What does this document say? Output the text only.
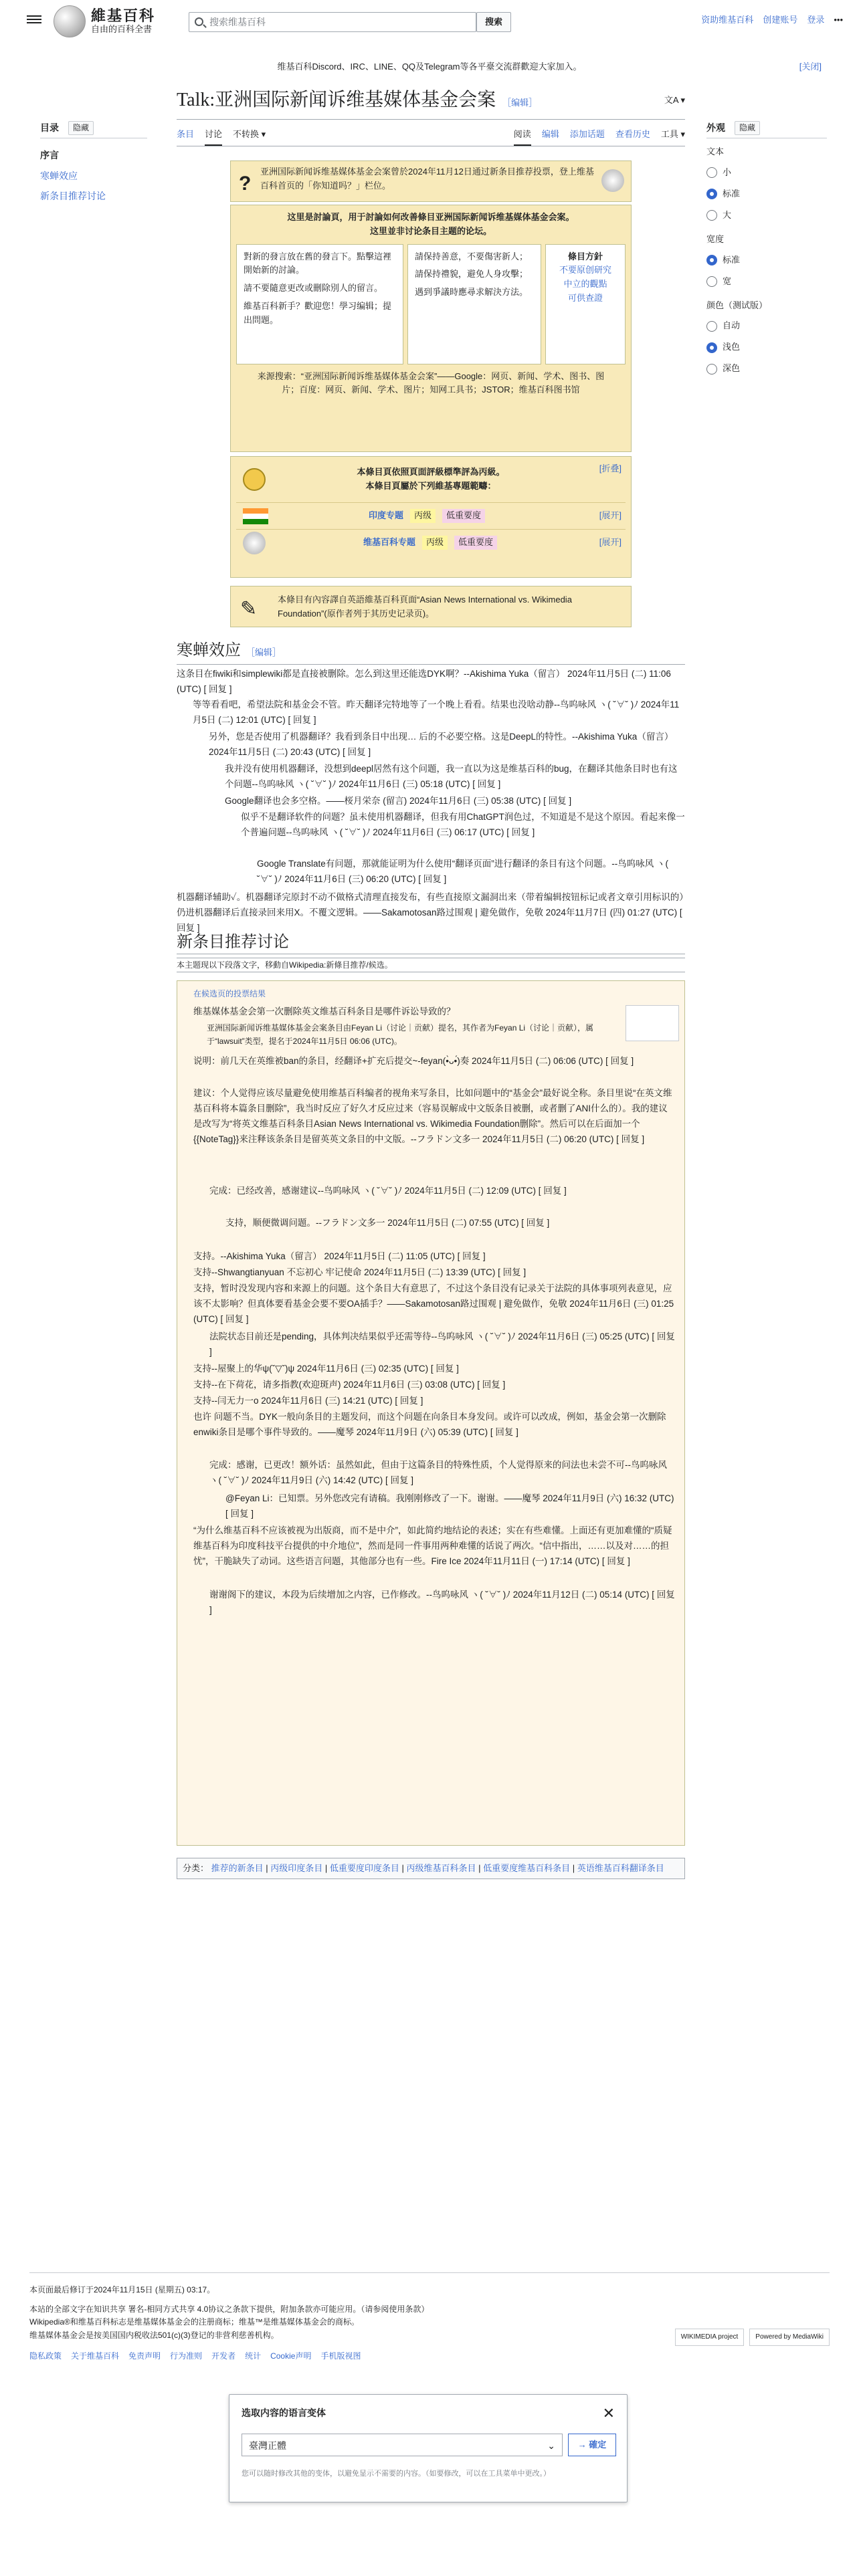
維基百科
自由的百科全書
搜索维基百科	搜索	资助维基百科 创建账号 登录 •••
维基百科Discord、IRC、LINE、QQ及Telegram等各平臺交流群歡迎大家加入。	[关闭]
目录	隐藏
序言
寒蝉效应
新条目推荐讨论
外观	隐藏
文本
小
标准
大
宽度
标准
宽
颜色（测试版）
自动
浅色
深色
Talk:亚洲国际新闻诉维基媒体基金会案 ［编辑］	文A ▾
条目 讨论 不转换 ▾	阅读 编辑 添加话题 查看历史 工具 ▾
?
亚洲国际新闻诉维基媒体基金会案曾於2024年11月12日通过新条目推荐投票，登上维基百科首页的「你知道吗？」栏位。
这里是討論頁，用于討論如何改善條目亚洲国际新闻诉维基媒体基金会案。
这里並非讨论条目主题的论坛。
對新的發言放在舊的發言下。點擊這裡開始新的討論。
請不要隨意更改或刪除別人的留言。
維基百科新手？歡迎您！學习编辑；提出問題。
請保持善意，不要傷害新人；
請保持禮貌，避免人身攻擊；
遇到爭議時應尋求解決方法。
條目方針
不要原创研究
中立的觀點
可供查證
来源搜索：“亚洲国际新闻诉维基媒体基金会案”——Google：网页、新闻、学术、图书、图片；百度：网页、新闻、学术、图片；知网工具书；JSTOR；维基百科图书馆
本條目頁依照頁面評級標準評為丙級。
本條目頁屬於下列維基專題範疇：
[折叠]
印度专题	丙级	低重要度	[展开]
维基百科专题	丙级	低重要度	[展开]
✎ 本條目有內容譯自英語維基百科頁面“Asian News International vs. Wikimedia Foundation”(原作者列于其历史记录页)。
寒蝉效应 ［编辑］
这条目在fiwiki和simplewiki都是直接被删除。怎么到这里还能选DYK啊？--Akishima Yuka（留言） 2024年11月5日 (二) 11:06 (UTC) [ 回复 ]
等等看看吧，希望法院和基金会不管。昨天翻译完特地等了一个晚上看看。结果也没啥动静--鸟呜咏风 ヽ( ˘∀˘ )ﾉ 2024年11月5日 (二) 12:01 (UTC) [ 回复 ]
另外，您是否使用了机器翻译？我看到条目中出现… 后的不必要空格。这是DeepL的特性。--Akishima Yuka（留言） 2024年11月5日 (二) 20:43 (UTC) [ 回复 ]
我并没有使用机器翻译，没想到deepl居然有这个问题，我一直以为这是维基百科的bug，在翻译其他条目时也有这个问题--鸟呜咏风 ヽ( ˘∀˘ )ﾉ 2024年11月6日 (三) 05:18 (UTC) [ 回复 ]
Google翻译也会多空格。——桜月栄奈 (留言) 2024年11月6日 (三) 05:38 (UTC) [ 回复 ]
似乎不是翻译软件的问题？虽未使用机器翻译，但我有用ChatGPT润色过，不知道是不是这个原因。看起来像一个普遍问题--鸟呜咏风 ヽ( ˘∀˘ )ﾉ 2024年11月6日 (三) 06:17 (UTC) [ 回复 ]
Google Translate有问题，那就能证明为什么使用“翻译页面”进行翻译的条目有这个问题。--鸟呜咏风 ヽ( ˘∀˘ )ﾉ 2024年11月6日 (三) 06:20 (UTC) [ 回复 ]
机器翻译辅助✓。机器翻译完原封不动不做格式清理直接发布，有些直接原文漏洞出来（带着编辑按钮标记或者文章引用标识的）仍进机器翻译后直接录回来用X。不覆文逻辑。——Sakamotosan路过围观 | 避免做作，免敬 2024年11月7日 (四) 01:27 (UTC) [ 回复 ]
新条目推荐讨论
本主题现以下段落文字，移動自Wikipedia:新條目推荐/候选。
在候选页的投票结果
维基媒体基金会第一次删除英文维基百科条目是哪件诉讼导致的？
亚洲国际新闻诉维基媒体基金会案条目由Feyan Li（讨论｜贡献）提名，其作者为Feyan Li（讨论｜贡献），属于“lawsuit”类型，提名于2024年11月5日 06:06 (UTC)。
说明：前几天在英维被ban的条目，经翻译+扩充后提交~-feyan(•̀ᴗ•́)奏 2024年11月5日 (二) 06:06 (UTC) [ 回复 ]
建议：个人觉得应该尽量避免使用维基百科编者的视角来写条目，比如问题中的“基金会”最好说全称。条目里说“在英文维基百科将本篇条目删除”，我当时反应了好久才反应过来（容易误解成中文版条目被删，或者删了ANI什么的）。我的建议是改写为“将英文维基百科条目Asian News International vs. Wikimedia Foundation删除”。然后可以在后面加一个{{NoteTag}}来注释该条条目是留英英文条目的中文版。--フラドン文多一 2024年11月5日 (二) 06:20 (UTC) [ 回复 ]
完成：已经改善，感谢建议--鸟呜咏风 ヽ( ˘∀˘ )ﾉ 2024年11月5日 (二) 12:09 (UTC) [ 回复 ]
支持，顺便微调问题。--フラドン文多一 2024年11月5日 (二) 07:55 (UTC) [ 回复 ]
支持。--Akishima Yuka（留言） 2024年11月5日 (二) 11:05 (UTC) [ 回复 ]
支持--Shwangtianyuan 不忘初心 牢记使命 2024年11月5日 (二) 13:39 (UTC) [ 回复 ]
支持，暂时没发现内容和来源上的问题。这个条目大有意思了，不过这个条目没有记录关于法院的具体事项列表意见，应该不太影响？但真体要看基金会要不要OA插手？——Sakamotosan路过围观 | 避免做作，免敬 2024年11月6日 (三) 01:25 (UTC) [ 回复 ]
法院状态目前还是pending，具体判决结果似乎还需等待--鸟呜咏风 ヽ( ˘∀˘ )ﾉ 2024年11月6日 (三) 05:25 (UTC) [ 回复 ]
支持--屋聚上的华ψ(ˇ▽ˇ)ψ 2024年11月6日 (三) 02:35 (UTC) [ 回复 ]
支持--在下荷花，请多指教(欢迎斑声) 2024年11月6日 (三) 03:08 (UTC) [ 回复 ]
支持--闫无力一o 2024年11月6日 (三) 14:21 (UTC) [ 回复 ]
也许 问题不当。DYK一般向条目的主题发问，而这个问题在向条目本身发问。或许可以改成，例如，基金会第一次删除enwiki条目是哪个事件导致的。——魔琴 2024年11月9日 (六) 05:39 (UTC) [ 回复 ]
完成：感谢，已更改！额外话：虽然如此，但由于这篇条目的特殊性质，个人觉得原来的问法也未尝不可--鸟呜咏风 ヽ( ˘∀˘ )ﾉ 2024年11月9日 (六) 14:42 (UTC) [ 回复 ]
@Feyan Li：已知票。另外您改完有请稿。我刚刚修改了一下。谢谢。——魔琴 2024年11月9日 (六) 16:32 (UTC) [ 回复 ]
“为什么维基百科不应该被视为出版商，而不是中介”，如此简约地结论的表述；实在有些难懂。上面还有更加难懂的“质疑维基百科为印度科技平台提供的中介地位”，然而是同一件事用两种难懂的话说了两次。“信中指出，……以及对……的担忧”，干脆缺失了动词。这些语言问题，其他部分也有一些。Fire Ice 2024年11月11日 (一) 17:14 (UTC) [ 回复 ]
谢谢阁下的建议，本段为后续增加之内容，已作修改。--鸟呜咏风 ヽ( ˘∀˘ )ﾉ 2024年11月12日 (二) 05:14 (UTC) [ 回复 ]
分类： 推荐的新条目 | 丙级印度条目 | 低重要度印度条目 | 丙级维基百科条目 | 低重要度维基百科条目 | 英语维基百科翻译条目
本页面最后修订于2024年11月15日 (星期五) 03:17。
本站的全部文字在知识共享 署名-相同方式共享 4.0协议之条款下提供，附加条款亦可能应用。（请参阅使用条款）
Wikipedia®和维基百科标志是维基媒体基金会的注册商标；维基™是维基媒体基金会的商标。
维基媒体基金会是按美国国内税收法501(c)(3)登记的非营利慈善机构。
隐私政策 关于维基百科 免责声明 行为准则 开发者 统计 Cookie声明 手机版视图
WIKIMEDIA project	Powered by MediaWiki
选取内容的语言变体	✕
臺灣正體	⌄	→ 確定
您可以随时修改其他的变体，以避免显示不需要的内容。（如要修改，可以在工具菜单中更改。）
